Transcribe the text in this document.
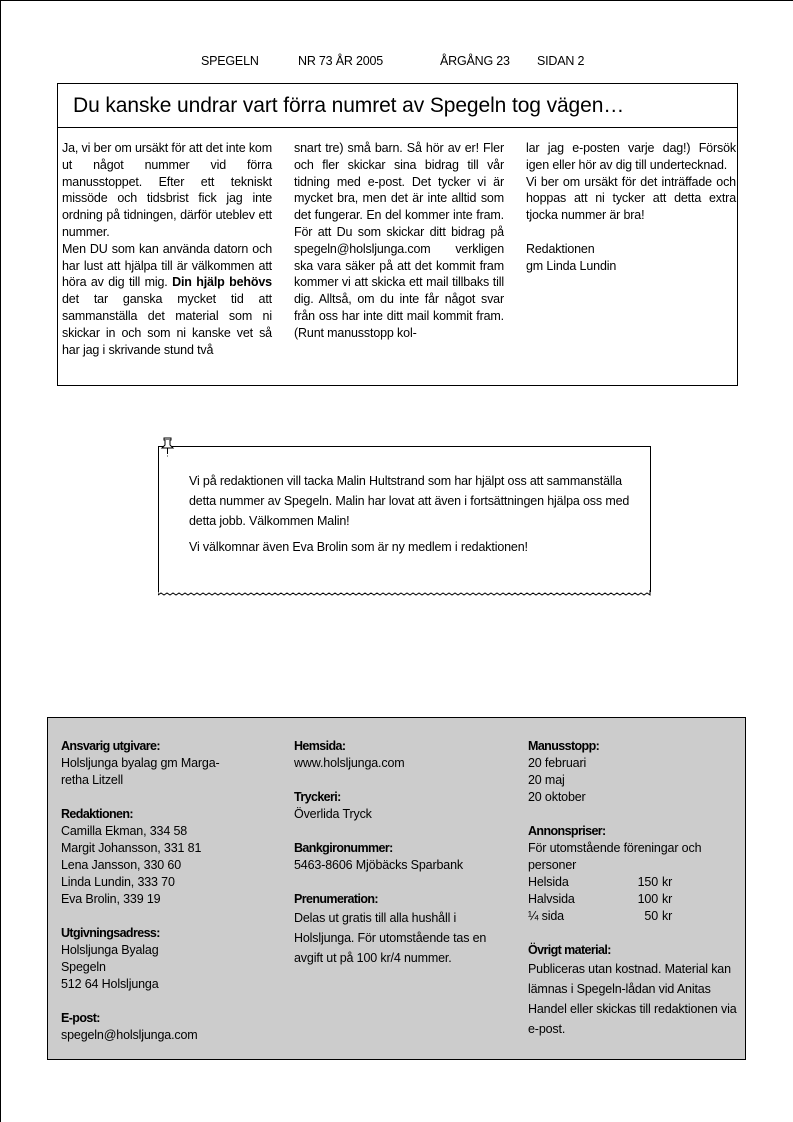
SPEGELN	NR 73 ÅR 2005	ÅRGÅNG 23 SIDAN 2
Du kanske undrar vart förra numret av Spegeln tog vägen…

Ja, vi ber om ursäkt för att det inte kom ut något nummer vid förra manusstoppet. Efter ett tekniskt missöde och tidsbrist fick jag inte ordning på tidningen, därför uteblev ett nummer.

Men DU som kan använda datorn och har lust att hjälpa till är välkommen att höra av dig till mig. Din hjälp behövs det tar ganska mycket tid att sammanställa det material som ni skickar in och som ni kanske vet så har jag i skrivande stund två

snart tre) små barn. Så hör av er! Fler och fler skickar sina bidrag till vår tidning med e-post. Det tycker vi är mycket bra, men det är inte alltid som det fungerar. En del kommer inte fram. För att Du som skickar ditt bidrag på spegeln@holsljunga.com verkligen ska vara säker på att det kommit fram kommer vi att skicka ett mail tillbaks till dig. Alltså, om du inte får något svar från oss har inte ditt mail kommit fram. (Runt manusstopp kol-

lar jag e-posten varje dag!) Försök igen eller hör av dig till undertecknad.

Vi ber om ursäkt för det inträffade och hoppas att ni tycker att detta extra tjocka nummer är bra!

Redaktionen

gm Linda Lundin

Vi på redaktionen vill tacka Malin Hultstrand som har hjälpt oss att sammanställa detta nummer av Spegeln. Malin har lovat att även i fortsättningen hjälpa oss med detta jobb. Välkommen Malin!

Vi välkomnar även Eva Brolin som är ny medlem i redaktionen!

Ansvarig utgivare:
Holsljunga byalag gm Marga-
retha Litzell
Redaktionen:
Camilla Ekman, 334 58
Margit Johansson, 331 81
Lena Jansson, 330 60
Linda Lundin, 333 70
Eva Brolin, 339 19
Utgivningsadress:
Holsljunga Byalag
Spegeln
512 64 Holsljunga
E-post:
spegeln@holsljunga.com
Hemsida:
www.holsljunga.com
Tryckeri:
Överlida Tryck
Bankgironummer:
5463-8606 Mjöbäcks Sparbank
Prenumeration:
Delas ut gratis till alla hushåll i Holsljunga. För utomstående tas en avgift ut på 100 kr/4 nummer.
Manusstopp:
20 februari
20 maj
20 oktober
Annonspriser:
För utomstående föreningar och personer
Helsida	150 kr
Halvsida	100 kr
¼ sida	50 kr
Övrigt material:
Publiceras utan kostnad. Material kan lämnas i Spegeln-lådan vid Anitas Handel eller skickas till redaktionen via e-post.
